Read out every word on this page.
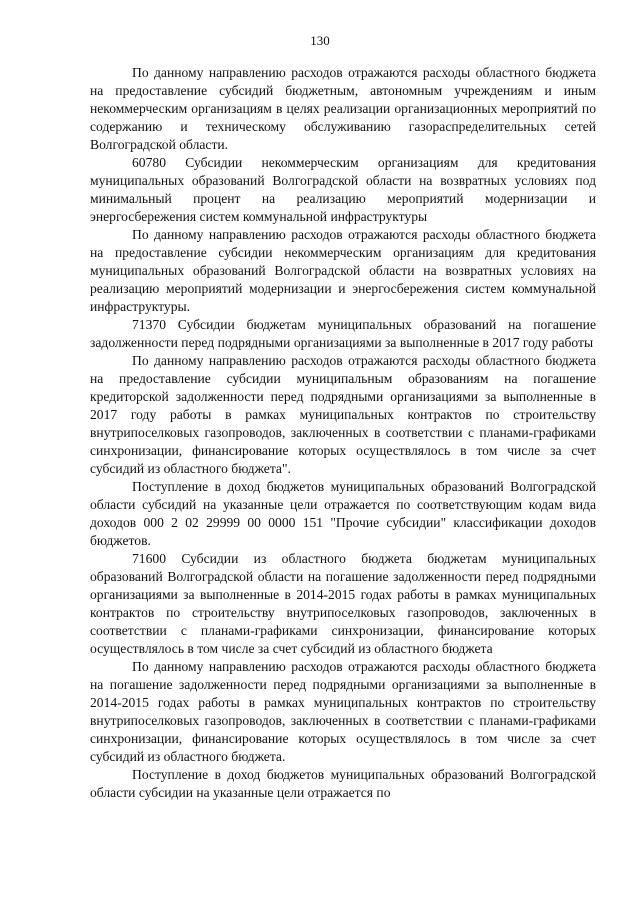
130

По данному направлению расходов отражаются расходы областного бюджета на предоставление субсидий бюджетным, автономным учреждениям и иным некоммерческим организациям в целях реализации организационных мероприятий по содержанию и техническому обслуживанию газораспределительных сетей Волгоградской области.

60780 Субсидии некоммерческим организациям для кредитования муниципальных образований Волгоградской области на возвратных условиях под минимальный процент на реализацию мероприятий модернизации и энергосбережения систем коммунальной инфраструктуры

По данному направлению расходов отражаются расходы областного бюджета на предоставление субсидии некоммерческим организациям для кредитования муниципальных образований Волгоградской области на возвратных условиях на реализацию мероприятий модернизации и энергосбережения систем коммунальной инфраструктуры.

71370 Субсидии бюджетам муниципальных образований на погашение задолженности перед подрядными организациями за выполненные в 2017 году работы

По данному направлению расходов отражаются расходы областного бюджета на предоставление субсидии муниципальным образованиям на погашение кредиторской задолженности перед подрядными организациями за выполненные в 2017 году работы в рамках муниципальных контрактов по строительству внутрипоселковых газопроводов, заключенных в соответствии с планами-графиками синхронизации, финансирование которых осуществлялось в том числе за счет субсидий из областного бюджета".

Поступление в доход бюджетов муниципальных образований Волгоградской области субсидий на указанные цели отражается по соответствующим кодам вида доходов 000 2 02 29999 00 0000 151 "Прочие субсидии" классификации доходов бюджетов.

71600 Субсидии из областного бюджета бюджетам муниципальных образований Волгоградской области на погашение задолженности перед подрядными организациями за выполненные в 2014-2015 годах работы в рамках муниципальных контрактов по строительству внутрипоселковых газопроводов, заключенных в соответствии с планами-графиками синхронизации, финансирование которых осуществлялось в том числе за счет субсидий из областного бюджета

По данному направлению расходов отражаются расходы областного бюджета на погашение задолженности перед подрядными организациями за выполненные в 2014-2015 годах работы в рамках муниципальных контрактов по строительству внутрипоселковых газопроводов, заключенных в соответствии с планами-графиками синхронизации, финансирование которых осуществлялось в том числе за счет субсидий из областного бюджета.

Поступление в доход бюджетов муниципальных образований Волгоградской области субсидии на указанные цели отражается по
